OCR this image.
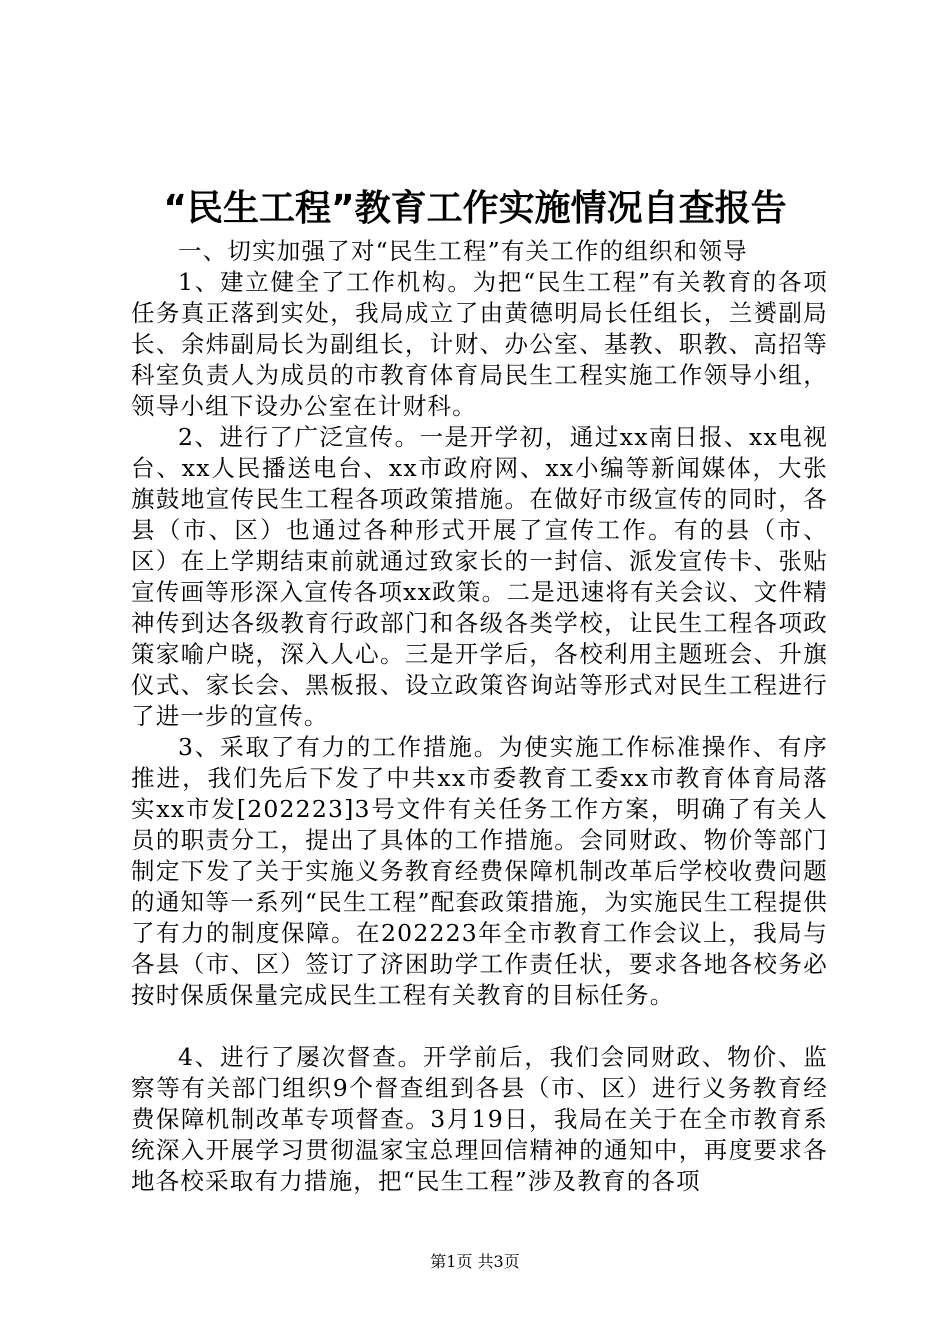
“民生工程”教育工作实施情况自查报告

一、切实加强了对“民生工程”有关工作的组织和领导

1、建立健全了工作机构。为把“民生工程”有关教育的各项任务真正落到实处，我局成立了由黄德明局长任组长，兰赟副局长、余炜副局长为副组长，计财、办公室、基教、职教、高招等科室负责人为成员的市教育体育局民生工程实施工作领导小组，领导小组下设办公室在计财科。

2、进行了广泛宣传。一是开学初，通过xx南日报、xx电视台、xx人民播送电台、xx市政府网、xx小编等新闻媒体，大张旗鼓地宣传民生工程各项政策措施。在做好市级宣传的同时，各县（市、区）也通过各种形式开展了宣传工作。有的县（市、区）在上学期结束前就通过致家长的一封信、派发宣传卡、张贴宣传画等形深入宣传各项xx政策。二是迅速将有关会议、文件精神传到达各级教育行政部门和各级各类学校，让民生工程各项政策家喻户晓，深入人心。三是开学后，各校利用主题班会、升旗仪式、家长会、黑板报、设立政策咨询站等形式对民生工程进行了进一步的宣传。

3、采取了有力的工作措施。为使实施工作标准操作、有序推进，我们先后下发了中共xx市委教育工委xx市教育体育局落实xx市发[202223]3号文件有关任务工作方案，明确了有关人员的职责分工，提出了具体的工作措施。会同财政、物价等部门制定下发了关于实施义务教育经费保障机制改革后学校收费问题的通知等一系列“民生工程”配套政策措施，为实施民生工程提供了有力的制度保障。在202223年全市教育工作会议上，我局与各县（市、区）签订了济困助学工作责任状，要求各地各校务必按时保质保量完成民生工程有关教育的目标任务。

4、进行了屡次督查。开学前后，我们会同财政、物价、监察等有关部门组织9个督查组到各县（市、区）进行义务教育经费保障机制改革专项督查。3月19日，我局在关于在全市教育系统深入开展学习贯彻温家宝总理回信精神的通知中，再度要求各地各校采取有力措施，把“民生工程”涉及教育的各项

第1页 共3页
